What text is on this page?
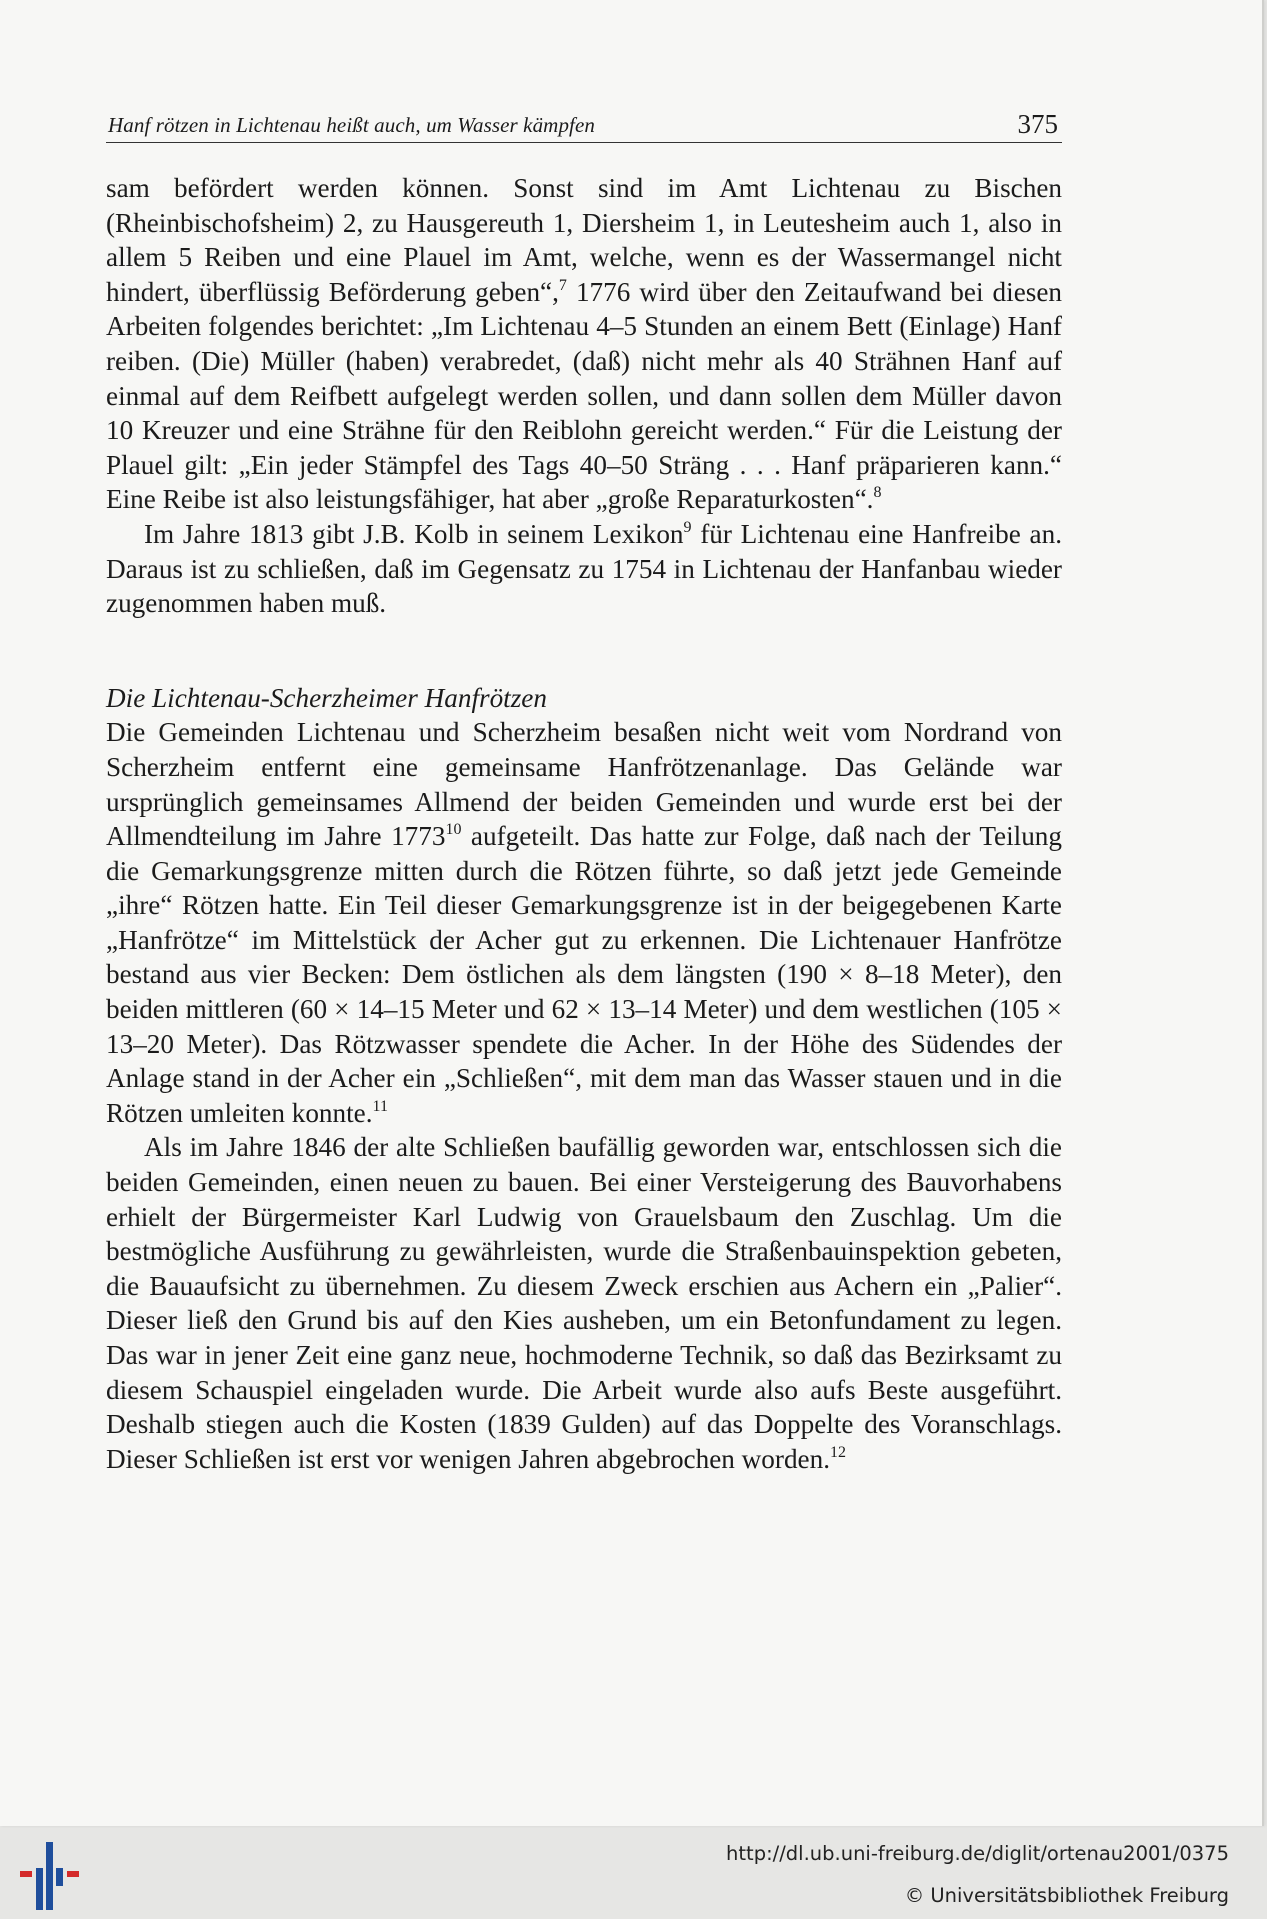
Hanf rötzen in Lichtenau heißt auch, um Wasser kämpfen	375

sam befördert werden können. Sonst sind im Amt Lichtenau zu Bischen (Rheinbischofsheim) 2, zu Hausgereuth 1, Diersheim 1, in Leutesheim auch 1, also in allem 5 Reiben und eine Plauel im Amt, welche, wenn es der Wassermangel nicht hindert, überflüssig Beförderung geben“,$^7$ 1776 wird über den Zeitaufwand bei diesen Arbeiten folgendes berichtet: „Im Lichtenau 4–5 Stunden an einem Bett (Einlage) Hanf reiben. (Die) Müller (haben) verabredet, (daß) nicht mehr als 40 Strähnen Hanf auf einmal auf dem Reifbett aufgelegt werden sollen, und dann sollen dem Müller davon 10 Kreuzer und eine Strähne für den Reiblohn gereicht werden.“ Für die Leistung der Plauel gilt: „Ein jeder Stämpfel des Tags 40–50 Sträng . . . Hanf präparieren kann.“ Eine Reibe ist also leistungsfähiger, hat aber „große Reparaturkosten“.$^8$

Im Jahre 1813 gibt J.B. Kolb in seinem Lexikon$^9$ für Lichtenau eine Hanfreibe an. Daraus ist zu schließen, daß im Gegensatz zu 1754 in Lichtenau der Hanfanbau wieder zugenommen haben muß.

Die Lichtenau-Scherzheimer Hanfrötzen

Die Gemeinden Lichtenau und Scherzheim besaßen nicht weit vom Nordrand von Scherzheim entfernt eine gemeinsame Hanfrötzenanlage. Das Gelände war ursprünglich gemeinsames Allmend der beiden Gemeinden und wurde erst bei der Allmendteilung im Jahre 1773$^{10}$ aufgeteilt. Das hatte zur Folge, daß nach der Teilung die Gemarkungsgrenze mitten durch die Rötzen führte, so daß jetzt jede Gemeinde „ihre“ Rötzen hatte. Ein Teil dieser Gemarkungsgrenze ist in der beigegebenen Karte „Hanfrötze“ im Mittelstück der Acher gut zu erkennen. Die Lichtenauer Hanfrötze bestand aus vier Becken: Dem östlichen als dem längsten (190 × 8–18 Meter), den beiden mittleren (60 × 14–15 Meter und 62 × 13–14 Meter) und dem westlichen (105 × 13–20 Meter). Das Rötzwasser spendete die Acher. In der Höhe des Südendes der Anlage stand in der Acher ein „Schließen“, mit dem man das Wasser stauen und in die Rötzen umleiten konnte.$^{11}$

Als im Jahre 1846 der alte Schließen baufällig geworden war, entschlossen sich die beiden Gemeinden, einen neuen zu bauen. Bei einer Versteigerung des Bauvorhabens erhielt der Bürgermeister Karl Ludwig von Grauelsbaum den Zuschlag. Um die bestmögliche Ausführung zu gewährleisten, wurde die Straßenbauinspektion gebeten, die Bauaufsicht zu übernehmen. Zu diesem Zweck erschien aus Achern ein „Palier“. Dieser ließ den Grund bis auf den Kies ausheben, um ein Betonfundament zu legen. Das war in jener Zeit eine ganz neue, hochmoderne Technik, so daß das Bezirksamt zu diesem Schauspiel eingeladen wurde. Die Arbeit wurde also aufs Beste ausgeführt. Deshalb stiegen auch die Kosten (1839 Gulden) auf das Doppelte des Voranschlags. Dieser Schließen ist erst vor wenigen Jahren abgebrochen worden.$^{12}$

http://dl.ub.uni-freiburg.de/diglit/ortenau2001/0375
© Universitätsbibliothek Freiburg
